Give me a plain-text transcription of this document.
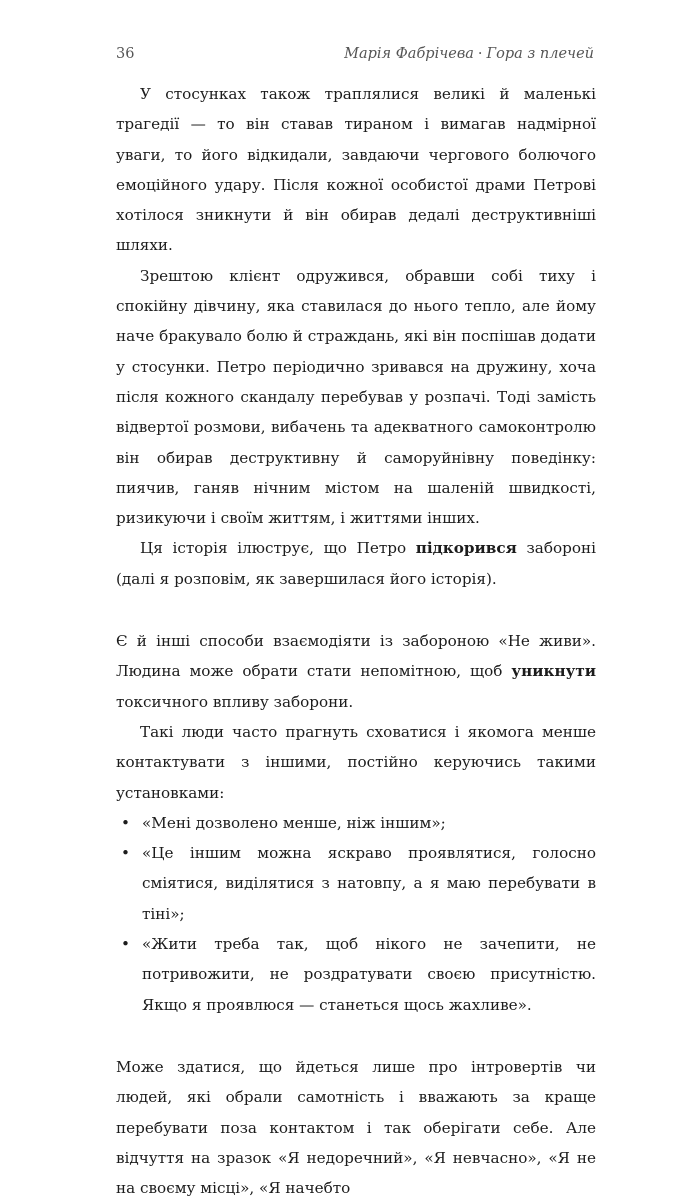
36	Марія Фабрічева · Гора з плечей

У стосунках також траплялися великі й маленькі трагедії — то він ставав тираном і вимагав надмірної уваги, то його відкидали, завдаючи чергового болючого емоційного удару. Після кожної особистої драми Петрові хотілося зникнути й він обирав дедалі деструктивніші шляхи.

Зрештою клієнт одружився, обравши собі тиху і спокійну дівчину, яка ставилася до нього тепло, але йому наче бракувало болю й страждань, які він поспішав додати у стосунки. Петро періодично зривався на дружину, хоча після кожного скандалу перебував у розпачі. Тоді замість відвертої розмови, вибачень та адекватного самоконтролю він обирав деструктивну й саморуйнівну поведінку: пиячив, ганяв нічним містом на шаленій швидкості, ризикуючи і своїм життям, і життями інших.

Ця історія ілюструє, що Петро підкорився забороні (далі я розповім, як завершилася його історія).

Є й інші способи взаємодіяти із забороною «Не живи». Людина може обрати стати непомітною, щоб уникнути токсичного впливу заборони.

Такі люди часто прагнуть сховатися і якомога менше контактувати з іншими, постійно керуючись такими установками:

• «Мені дозволено менше, ніж іншим»;
• «Це іншим можна яскраво проявлятися, голосно сміятися, виділятися з натовпу, а я маю перебувати в тіні»;
• «Жити треба так, щоб нікого не зачепити, не потривожити, не роздратувати своєю присутністю. Якщо я проявлюся — станеться щось жахливе».

Може здатися, що йдеться лише про інтровертів чи людей, які обрали самотність і вважають за краще перебувати поза контактом і так оберігати себе. Але відчуття на зразок «Я недоречний», «Я невчасно», «Я не на своєму місці», «Я начебто
